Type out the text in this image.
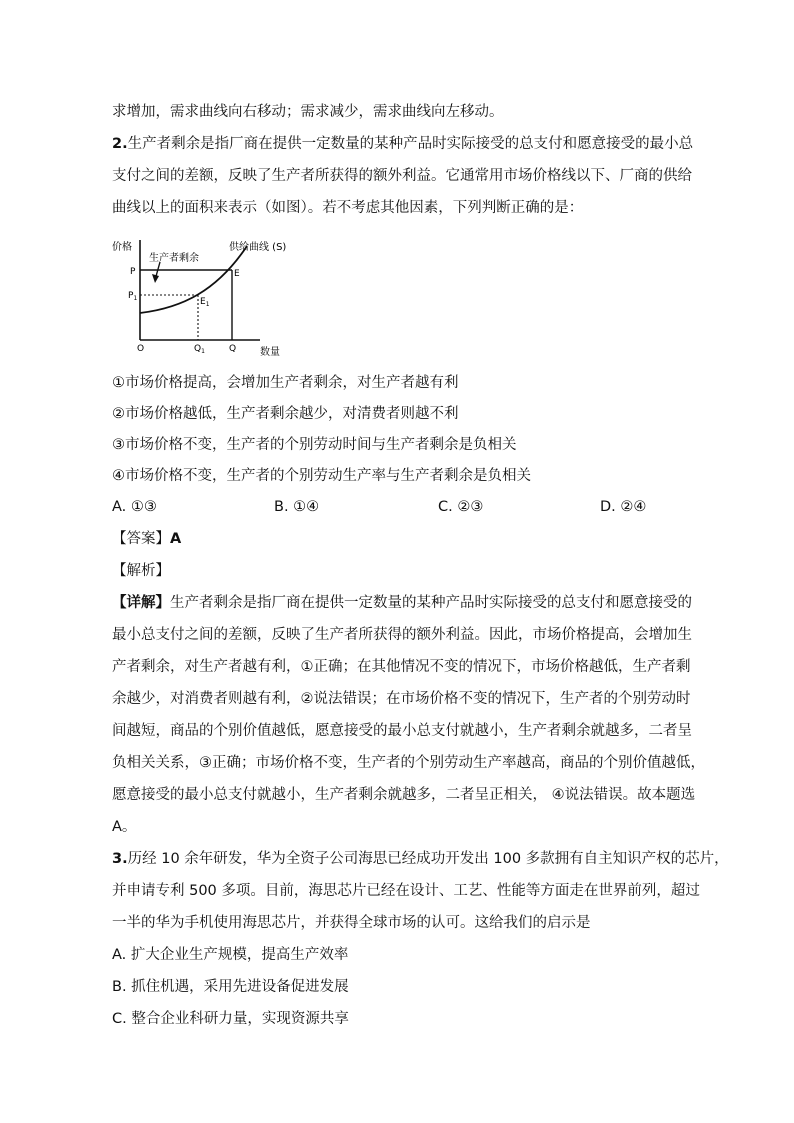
求增加，需求曲线向右移动；需求减少，需求曲线向左移动。
2.生产者剩余是指厂商在提供一定数量的某种产品时实际接受的总支付和愿意接受的最小总
支付之间的差额，反映了生产者所获得的额外利益。它通常用市场价格线以下、厂商的供给
曲线以上的面积来表示（如图）。若不考虑其他因素，下列判断正确的是：
价格
生产者剩余
供给曲线 (S)
P
$P_1$
E
$E_1$
O	$Q_1$	Q 数量
①市场价格提高，会增加生产者剩余，对生产者越有利
②市场价格越低，生产者剩余越少，对清费者则越不利
③市场价格不变，生产者的个别劳动时间与生产者剩余是负相关
④市场价格不变，生产者的个别劳动生产率与生产者剩余是负相关
A. ①③	B. ①④	C. ②③	D. ②④
【答案】A
【解析】
【详解】生产者剩余是指厂商在提供一定数量的某种产品时实际接受的总支付和愿意接受的
最小总支付之间的差额，反映了生产者所获得的额外利益。因此，市场价格提高，会增加生
产者剩余，对生产者越有利，①正确；在其他情况不变的情况下，市场价格越低，生产者剩
余越少，对消费者则越有利，②说法错误；在市场价格不变的情况下，生产者的个别劳动时
间越短，商品的个别价值越低，愿意接受的最小总支付就越小，生产者剩余就越多，二者呈
负相关关系，③正确；市场价格不变，生产者的个别劳动生产率越高，商品的个别价值越低，
愿意接受的最小总支付就越小，生产者剩余就越多，二者呈正相关， ④说法错误。故本题选
A。
3.历经 10 余年研发，华为全资子公司海思已经成功开发出 100 多款拥有自主知识产权的芯片，
并申请专利 500 多项。目前，海思芯片已经在设计、工艺、性能等方面走在世界前列，超过
一半的华为手机使用海思芯片，并获得全球市场的认可。这给我们的启示是
A. 扩大企业生产规模，提高生产效率
B. 抓住机遇，采用先进设备促进发展
C. 整合企业科研力量，实现资源共享
